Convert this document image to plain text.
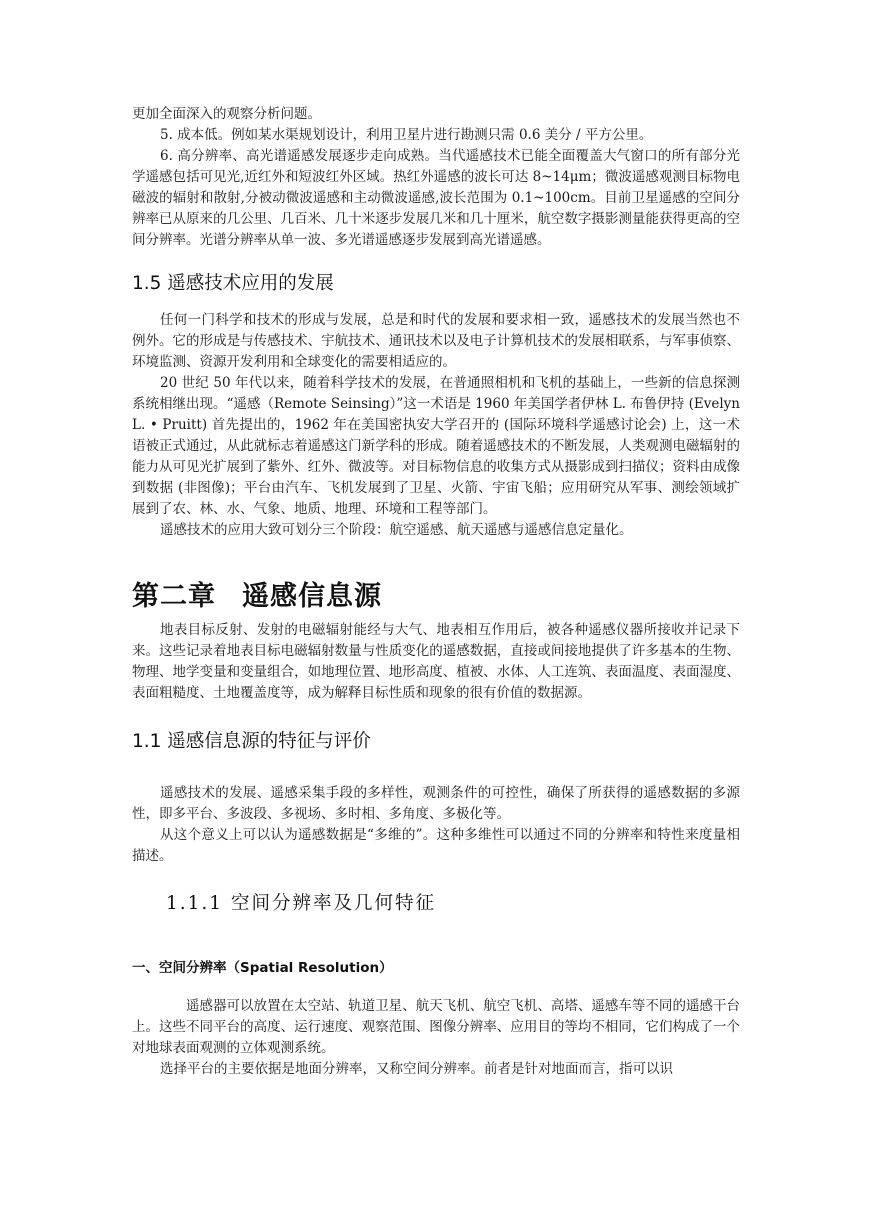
更加全面深入的观察分析问题。

5. 成本低。例如某水渠规划设计，利用卫星片进行勘测只需 0.6 美分 / 平方公里。

6. 高分辨率、高光谱遥感发展逐步走向成熟。当代遥感技术已能全面覆盖大气窗口的所有部分光学遥感包括可见光,近红外和短波红外区域。热红外遥感的波长可达 8~14μm；微波遥感观测目标物电磁波的辐射和散射,分被动微波遥感和主动微波遥感,波长范围为 0.1~100cm。目前卫星遥感的空间分辨率已从原来的几公里、几百米、几十米逐步发展几米和几十厘米，航空数字摄影测量能获得更高的空间分辨率。光谱分辨率从单一波、多光谱遥感逐步发展到高光谱遥感。

1.5 遥感技术应用的发展

任何一门科学和技术的形成与发展，总是和时代的发展和要求相一致，遥感技术的发展当然也不例外。它的形成是与传感技术、宇航技术、通讯技术以及电子计算机技术的发展相联系，与军事侦察、环境监测、资源开发利用和全球变化的需要相适应的。

20 世纪 50 年代以来，随着科学技术的发展，在普通照相机和飞机的基础上，一些新的信息探测系统相继出现。“遥感（Remote Seinsing）”这一术语是 1960 年美国学者伊林 L. 布鲁伊持 (Evelyn L. • Pruitt) 首先提出的，1962 年在美国密执安大学召开的 (国际环境科学遥感讨论会) 上，这一术语被正式通过，从此就标志着遥感这门新学科的形成。随着遥感技术的不断发展，人类观测电磁辐射的能力从可见光扩展到了紫外、红外、微波等。对目标物信息的收集方式从摄影成到扫描仪；资料由成像到数据 (非图像)；平台由汽车、飞机发展到了卫星、火箭、宇宙飞船；应用研究从军事、测绘领域扩展到了农、林、水、气象、地质、地理、环境和工程等部门。

遥感技术的应用大致可划分三个阶段：航空遥感、航天遥感与遥感信息定量化。

第二章 遥感信息源

地表目标反射、发射的电磁辐射能经与大气、地表相互作用后，被各种遥感仪器所接收并记录下来。这些记录着地表目标电磁辐射数量与性质变化的遥感数据，直接或间接地提供了许多基本的生物、物理、地学变量和变量组合，如地理位置、地形高度、植被、水体、人工连筑、表面温度、表面湿度、表面粗糙度、土地覆盖度等，成为解释目标性质和现象的很有价值的数据源。

1.1 遥感信息源的特征与评价

遥感技术的发展、遥感采集手段的多样性，观测条件的可控性，确保了所获得的遥感数据的多源性，即多平台、多波段、多视场、多时相、多角度、多极化等。

从这个意义上可以认为遥感数据是“多维的”。这种多维性可以通过不同的分辨率和特性来度量相描述。

1.1.1 空间分辨率及几何特征
一、空间分辨率（Spatial Resolution）

遥感器可以放置在太空站、轨道卫星、航天飞机、航空飞机、高塔、遥感车等不同的遥感干台上。这些不同平台的高度、运行速度、观察范围、图像分辨率、应用目的等均不相同，它们构成了一个对地球表面观测的立体观测系统。

选择平台的主要依据是地面分辨率，又称空间分辨率。前者是针对地面而言，指可以识
